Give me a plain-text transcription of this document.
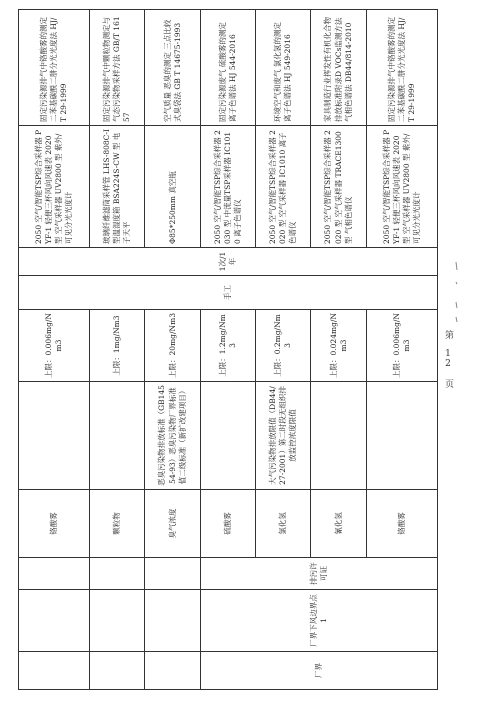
			铬酸雾		上限：0.006mg/Nm3	手工	1次/1年	2050 空气/智能TSP综合采样器 PYF-1 轻便三杯风向风速表 2020 型 空气采样器 UV2800 型 紫外/可见分光光度计	固定污染源排气中铬酸雾的测定 二苯基碳酰二肼分光光度法 HJ/T 29-1999
			颗粒物		上限：1mg/Nm3			玻璃纤维滤筒采样管 LHS-808C-I 型温湿度箱 BSA224S-CW 型 电子天平	固定污染源排气中颗粒物测定与气态污染物采样方法 GB/T 16157
			臭气浓度	恶臭污染物排放标准（GB14554-93）恶臭污染物厂界标准值二级标准（新扩改建项目）	上限：20mg/Nm3			Φ85*250mm 真空瓶	空气质量 恶臭的测定 三点比较式臭袋法 GB T 14675-1993
厂界	厂界下风边界点1	排污许可证	硫酸雾		上限：1.2mg/Nm3			2050 空气/智能TSP综合采样器 2030 型 中流量TSP采样器 IC1010 离子色谱仪	固定污染源废气 硫酸雾的测定 离子色谱法 HJ 544-2016
			氯化氢	大气污染物排放限值（DB44/27-2001）第二时段无组织排放监控浓度限值	上限：0.2mg/Nm3			2050 空气/智能TSP综合采样器 2020 型 空气采样器 IC1010 离子色谱仪	环境空气和废气 氯化氢的测定 离子色谱法 HJ 549-2016
			氰化氢		上限：0.024mg/Nm3			2050 空气/智能TSP综合采样器 2020 型 空气采样器 TRACE1300 型 气相色谱仪	家具制造行业挥发性有机化合物排放标准附录D VOCs监测方法 气相色谱法 DB44/814-2010
			铬酸雾		上限：0.006mg/Nm3			2050 空气/智能TSP综合采样器 PYF-1 轻便三杯风向风速表 2020 型 空气采样器 UV2800 型 紫外/可见分光光度计	固定污染源排气中铬酸雾的测定 二苯基碳酰二肼分光光度法 HJ/T 29-1999
第 12 页
